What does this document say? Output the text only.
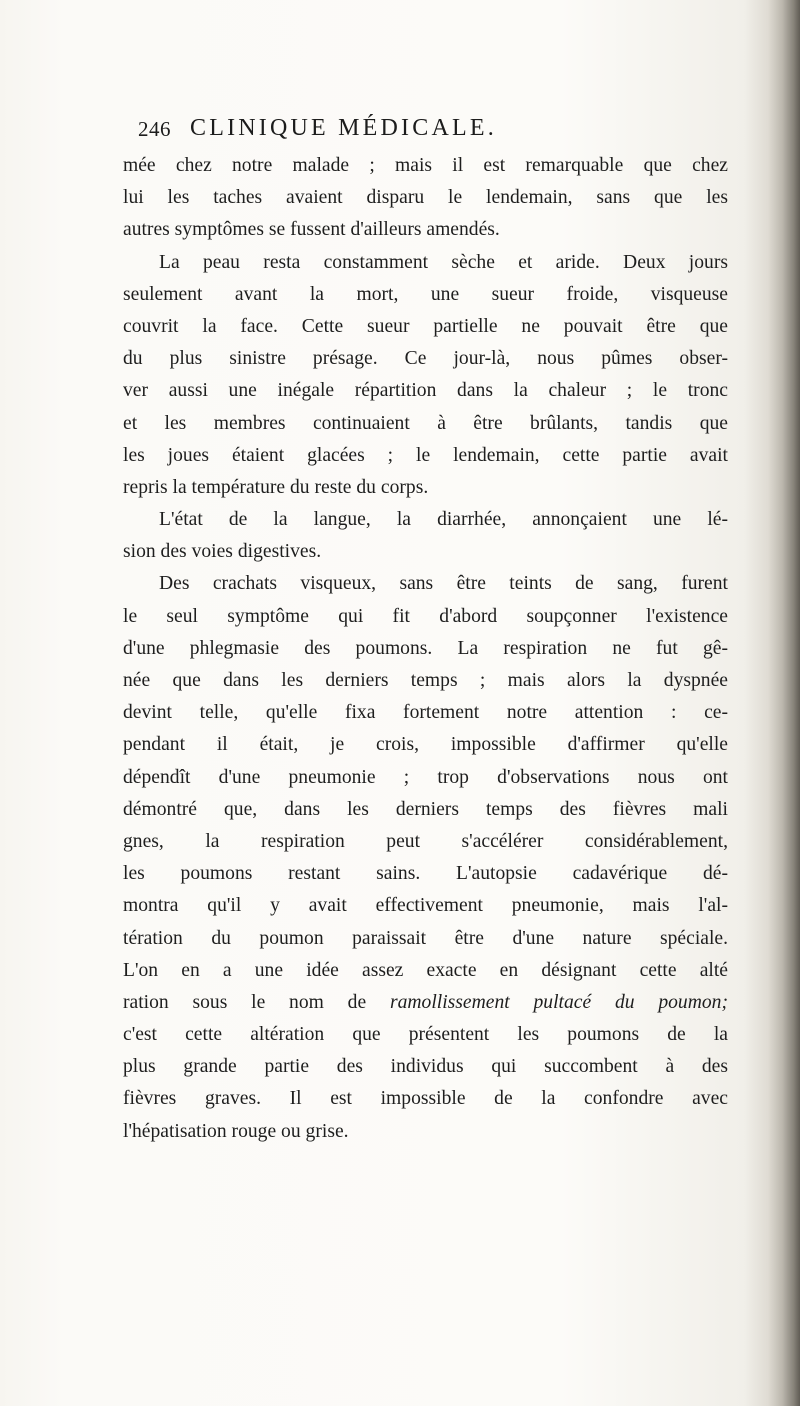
246 CLINIQUE MÉDICALE.
mée chez notre malade ; mais il est remarquable que chez
lui les taches avaient disparu le lendemain, sans que les
autres symptômes se fussent d'ailleurs amendés.
La peau resta constamment sèche et aride. Deux jours
seulement avant la mort, une sueur froide, visqueuse
couvrit la face. Cette sueur partielle ne pouvait être que
du plus sinistre présage. Ce jour-là, nous pûmes obser-
ver aussi une inégale répartition dans la chaleur ; le tronc
et les membres continuaient à être brûlants, tandis que
les joues étaient glacées ; le lendemain, cette partie avait
repris la température du reste du corps.
L'état de la langue, la diarrhée, annonçaient une lé-
sion des voies digestives.
Des crachats visqueux, sans être teints de sang, furent
le seul symptôme qui fit d'abord soupçonner l'existence
d'une phlegmasie des poumons. La respiration ne fut gê-
née que dans les derniers temps ; mais alors la dyspnée
devint telle, qu'elle fixa fortement notre attention : ce-
pendant il était, je crois, impossible d'affirmer qu'elle
dépendît d'une pneumonie ; trop d'observations nous ont
démontré que, dans les derniers temps des fièvres mali
gnes, la respiration peut s'accélérer considérablement,
les poumons restant sains. L'autopsie cadavérique dé-
montra qu'il y avait effectivement pneumonie, mais l'al-
tération du poumon paraissait être d'une nature spéciale.
L'on en a une idée assez exacte en désignant cette alté
ration sous le nom de ramollissement pultacé du poumon;
c'est cette altération que présentent les poumons de la
plus grande partie des individus qui succombent à des
fièvres graves. Il est impossible de la confondre avec
l'hépatisation rouge ou grise.
